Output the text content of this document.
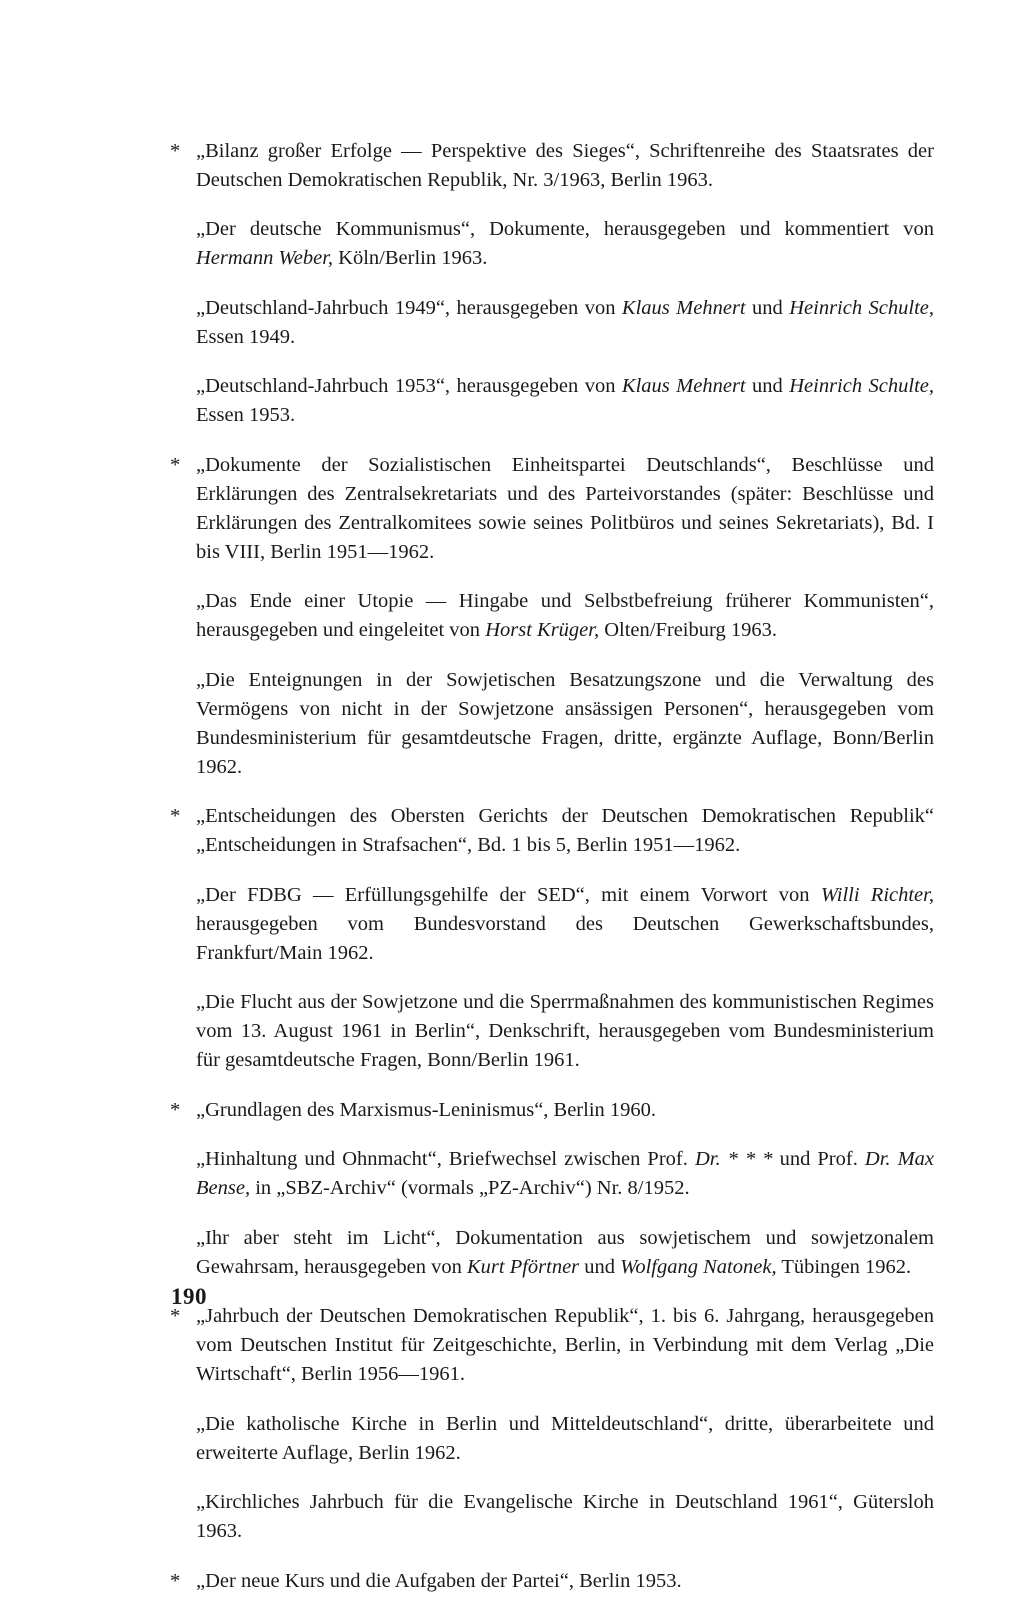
* „Bilanz großer Erfolge — Perspektive des Sieges“, Schriftenreihe des Staatsrates der Deutschen Demokratischen Republik, Nr. 3/1963, Berlin 1963.

„Der deutsche Kommunismus“, Dokumente, herausgegeben und kommentiert von Hermann Weber, Köln/Berlin 1963.

„Deutschland-Jahrbuch 1949“, herausgegeben von Klaus Mehnert und Heinrich Schulte, Essen 1949.

„Deutschland-Jahrbuch 1953“, herausgegeben von Klaus Mehnert und Heinrich Schulte, Essen 1953.

* „Dokumente der Sozialistischen Einheitspartei Deutschlands“, Beschlüsse und Erklärungen des Zentralsekretariats und des Parteivorstandes (später: Beschlüsse und Erklärungen des Zentralkomitees sowie seines Politbüros und seines Sekretariats), Bd. I bis VIII, Berlin 1951—1962.

„Das Ende einer Utopie — Hingabe und Selbstbefreiung früherer Kommunisten“, herausgegeben und eingeleitet von Horst Krüger, Olten/Freiburg 1963.

„Die Enteignungen in der Sowjetischen Besatzungszone und die Verwaltung des Vermögens von nicht in der Sowjetzone ansässigen Personen“, herausgegeben vom Bundesministerium für gesamtdeutsche Fragen, dritte, ergänzte Auflage, Bonn/Berlin 1962.

* „Entscheidungen des Obersten Gerichts der Deutschen Demokratischen Republik“ „Entscheidungen in Strafsachen“, Bd. 1 bis 5, Berlin 1951—1962.

„Der FDBG — Erfüllungsgehilfe der SED“, mit einem Vorwort von Willi Richter, herausgegeben vom Bundesvorstand des Deutschen Gewerkschaftsbundes, Frankfurt/Main 1962.

„Die Flucht aus der Sowjetzone und die Sperrmaßnahmen des kommunistischen Regimes vom 13. August 1961 in Berlin“, Denkschrift, herausgegeben vom Bundesministerium für gesamtdeutsche Fragen, Bonn/Berlin 1961.

* „Grundlagen des Marxismus-Leninismus“, Berlin 1960.

„Hinhaltung und Ohnmacht“, Briefwechsel zwischen Prof. Dr. * * * und Prof. Dr. Max Bense, in „SBZ-Archiv“ (vormals „PZ-Archiv“) Nr. 8/1952.

„Ihr aber steht im Licht“, Dokumentation aus sowjetischem und sowjetzonalem Gewahrsam, herausgegeben von Kurt Pförtner und Wolfgang Natonek, Tübingen 1962.

* „Jahrbuch der Deutschen Demokratischen Republik“, 1. bis 6. Jahrgang, herausgegeben vom Deutschen Institut für Zeitgeschichte, Berlin, in Verbindung mit dem Verlag „Die Wirtschaft“, Berlin 1956—1961.

„Die katholische Kirche in Berlin und Mitteldeutschland“, dritte, überarbeitete und erweiterte Auflage, Berlin 1962.

„Kirchliches Jahrbuch für die Evangelische Kirche in Deutschland 1961“, Gütersloh 1963.

* „Der neue Kurs und die Aufgaben der Partei“, Berlin 1953.

190
